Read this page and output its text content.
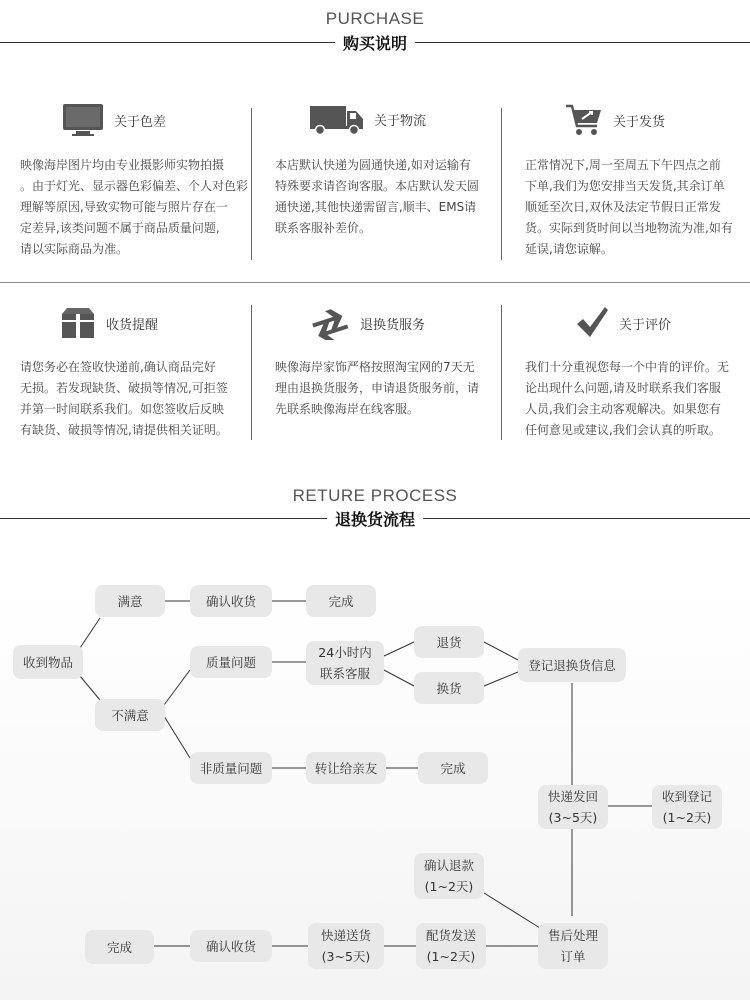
PURCHASE
购买说明
关于色差
映像海岸图片均由专业摄影师实物拍摄
。由于灯光、显示器色彩偏差、个人对色彩
理解等原因,导致实物可能与照片存在一
定差异,该类问题不属于商品质量问题,
请以实际商品为准。
关于物流
本店默认快递为圆通快递,如对运输有
特殊要求请咨询客服。本店默认发天圆
通快递,其他快递需留言,顺丰、EMS请
联系客服补差价。
关于发货
正常情况下,周一至周五下午四点之前
下单,我们为您安排当天发货,其余订单
顺延至次日,双休及法定节假日正常发
货。实际到货时间以当地物流为准,如有
延误,请您谅解。
收货提醒
请您务必在签收快递前,确认商品完好
无损。若发现缺货、破损等情况,可拒签
并第一时间联系我们。如您签收后反映
有缺货、破损等情况,请提供相关证明。
退换货服务
映像海岸家饰严格按照淘宝网的7天无
理由退换货服务，申请退货服务前，请
先联系映像海岸在线客服。
关于评价
我们十分重视您每一个中肯的评价。无
论出现什么问题,请及时联系我们客服
人员,我们会主动客观解决。如果您有
任何意见或建议,我们会认真的听取。
RETURE PROCESS
退换货流程
收到物品
满意	确认收货	完成
不满意
质量问题
24小时内
联系客服
退货
换货
登记退换货信息
非质量问题	转让给亲友	完成
快递发回
(3~5天)
收到登记
(1~2天)
确认退款
(1~2天)
售后处理
订单
配货发送
(1~2天)
快递送货
(3~5天)
确认收货
完成
